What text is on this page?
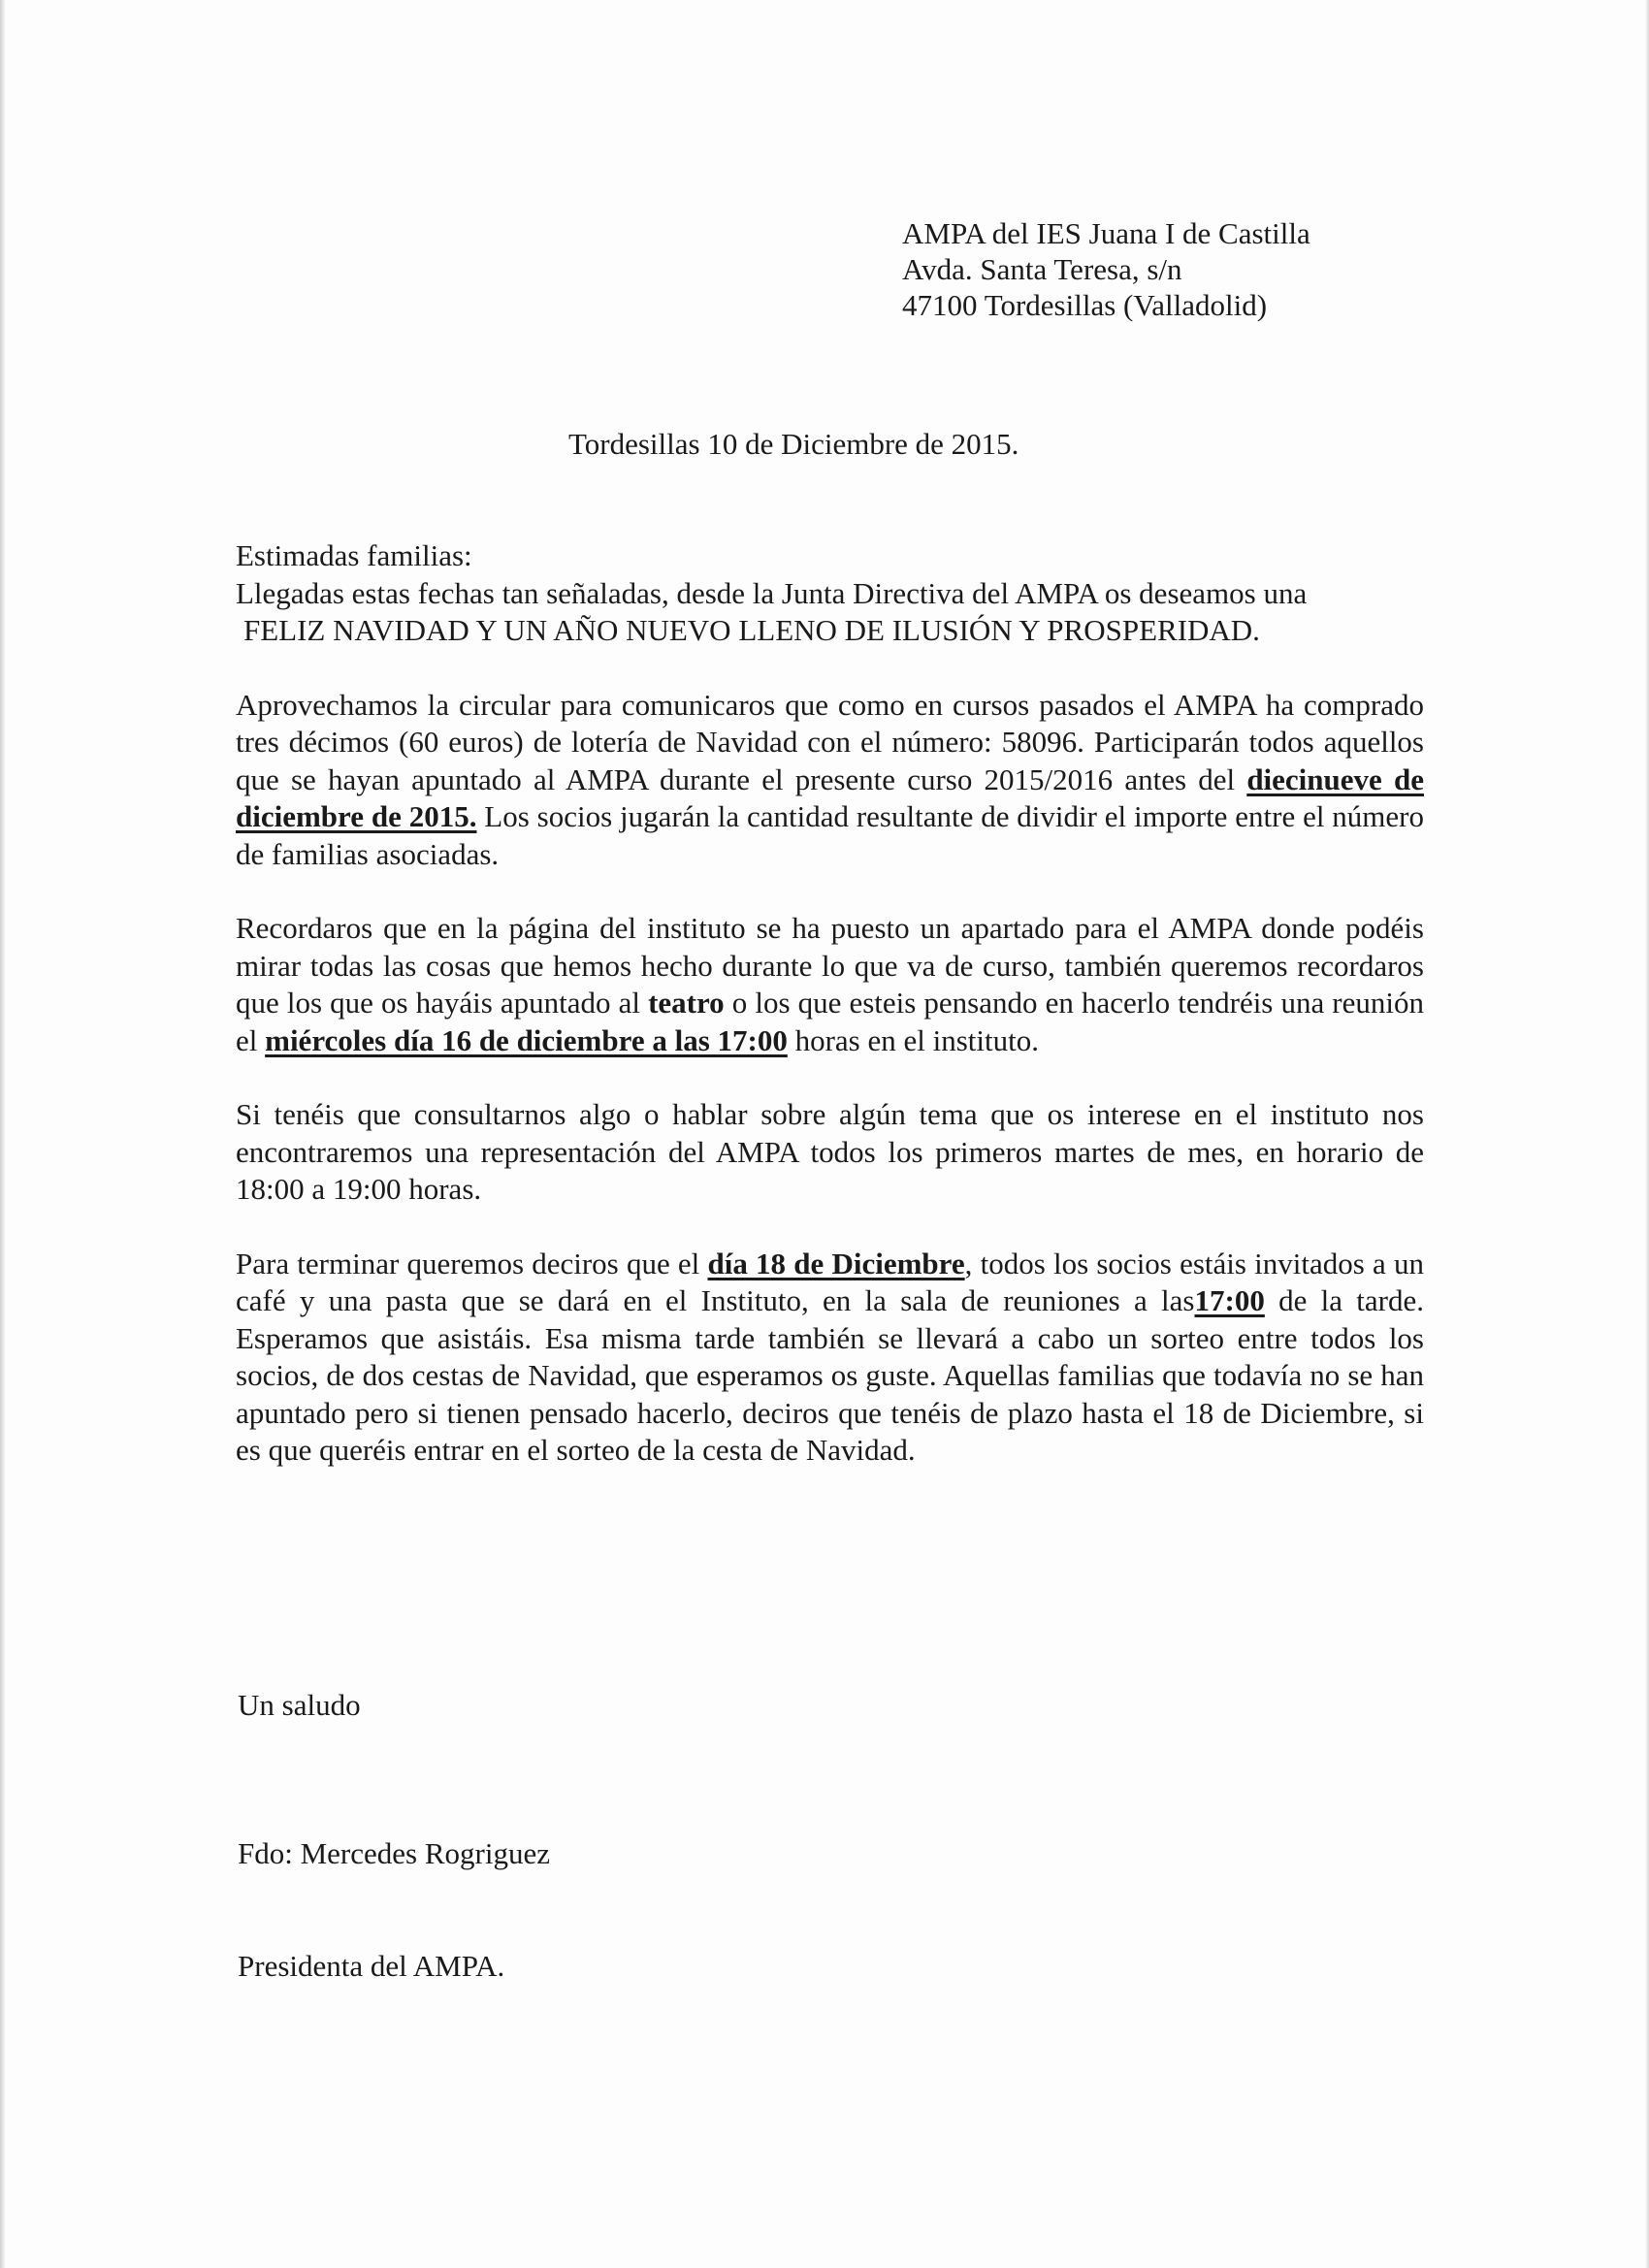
AMPA del IES Juana I de Castilla
Avda. Santa Teresa, s/n
47100 Tordesillas (Valladolid)
Tordesillas 10 de Diciembre de 2015.

Estimadas familias:

Llegadas estas fechas tan señaladas, desde la Junta Directiva del AMPA os deseamos una

FELIZ NAVIDAD Y UN AÑO NUEVO LLENO DE ILUSIÓN Y PROSPERIDAD.

Aprovechamos la circular para comunicaros que como en cursos pasados el AMPA ha comprado tres décimos (60 euros) de lotería de Navidad con el número: 58096. Participarán todos aquellos que se hayan apuntado al AMPA durante el presente curso 2015/2016 antes del diecinueve de diciembre de 2015. Los socios jugarán la cantidad resultante de dividir el importe entre el número de familias asociadas.

Recordaros que en la página del instituto se ha puesto un apartado para el AMPA donde podéis mirar todas las cosas que hemos hecho durante lo que va de curso, también queremos recordaros que los que os hayáis apuntado al teatro o los que esteis pensando en hacerlo tendréis una reunión el miércoles día 16 de diciembre a las 17:00 horas en el instituto.

Si tenéis que consultarnos algo o hablar sobre algún tema que os interese en el instituto nos encontraremos una representación del AMPA todos los primeros martes de mes, en horario de 18:00 a 19:00 horas.

Para terminar queremos deciros que el día 18 de Diciembre, todos los socios estáis invitados a un café y una pasta que se dará en el Instituto, en la sala de reuniones a las17:00 de la tarde. Esperamos que asistáis. Esa misma tarde también se llevará a cabo un sorteo entre todos los socios, de dos cestas de Navidad, que esperamos os guste. Aquellas familias que todavía no se han apuntado pero si tienen pensado hacerlo, deciros que tenéis de plazo hasta el 18 de Diciembre, si es que queréis entrar en el sorteo de la cesta de Navidad.

Un saludo
Fdo: Mercedes Rogriguez
Presidenta del AMPA.
